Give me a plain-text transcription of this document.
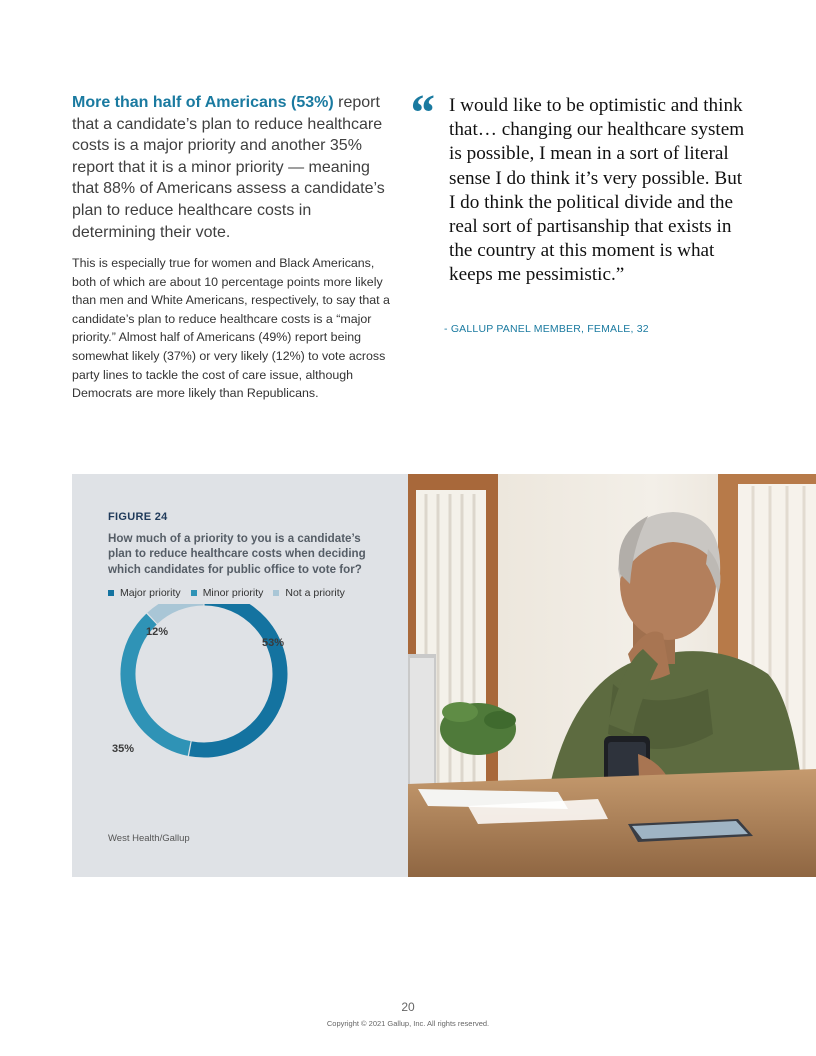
More than half of Americans (53%) report that a candidate’s plan to reduce healthcare costs is a major priority and another 35% report that it is a minor priority — meaning that 88% of Americans assess a candidate’s plan to reduce healthcare costs in determining their vote.

This is especially true for women and Black Americans, both of which are about 10 percentage points more likely than men and White Americans, respectively, to say that a candidate’s plan to reduce healthcare costs is a “major priority.” Almost half of Americans (49%) report being somewhat likely (37%) or very likely (12%) to vote across party lines to tackle the cost of care issue, although Democrats are more likely than Republicans.

“ I would like to be optimistic and think that… changing our healthcare system is possible, I mean in a sort of literal sense I do think it’s very possible. But I do think the political divide and the real sort of partisanship that exists in the country at this moment is what keeps me pessimistic.”

- GALLUP PANEL MEMBER, FEMALE, 32
FIGURE 24
How much of a priority to you is a candidate’s plan to reduce healthcare costs when deciding which candidates for public office to vote for?
Major priority Minor priority Not a priority
53%
35%
12%
West Health/Gallup
20
Copyright © 2021 Gallup, Inc. All rights reserved.
